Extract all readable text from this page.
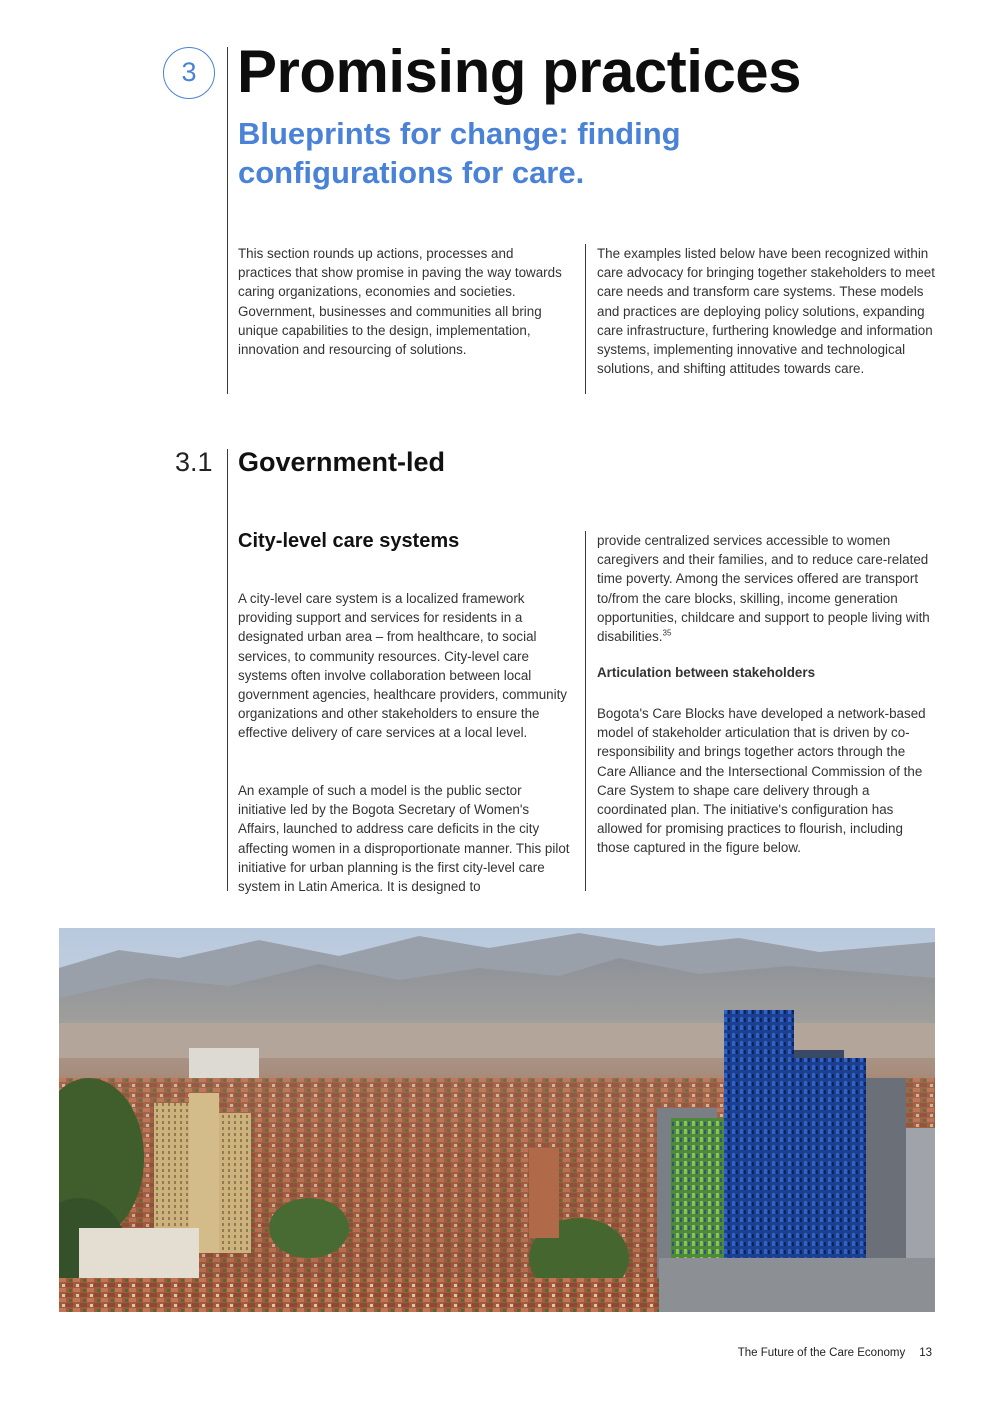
3 Promising practices
Blueprints for change: finding configurations for care.

This section rounds up actions, processes and practices that show promise in paving the way towards caring organizations, economies and societies. Government, businesses and communities all bring unique capabilities to the design, implementation, innovation and resourcing of solutions.

The examples listed below have been recognized within care advocacy for bringing together stakeholders to meet care needs and transform care systems. These models and practices are deploying policy solutions, expanding care infrastructure, furthering knowledge and information systems, implementing innovative and technological solutions, and shifting attitudes towards care.

3.1 Government-led
City-level care systems

A city-level care system is a localized framework providing support and services for residents in a designated urban area – from healthcare, to social services, to community resources. City-level care systems often involve collaboration between local government agencies, healthcare providers, community organizations and other stakeholders to ensure the effective delivery of care services at a local level.

An example of such a model is the public sector initiative led by the Bogota Secretary of Women's Affairs, launched to address care deficits in the city affecting women in a disproportionate manner. This pilot initiative for urban planning is the first city-level care system in Latin America. It is designed to

provide centralized services accessible to women caregivers and their families, and to reduce care-related time poverty. Among the services offered are transport to/from the care blocks, skilling, income generation opportunities, childcare and support to people living with disabilities.$^{35}$

Articulation between stakeholders

Bogota's Care Blocks have developed a network-based model of stakeholder articulation that is driven by co-responsibility and brings together actors through the Care Alliance and the Intersectional Commission of the Care System to shape care delivery through a coordinated plan. The initiative's configuration has allowed for promising practices to flourish, including those captured in the figure below.

The Future of the Care Economy 13
